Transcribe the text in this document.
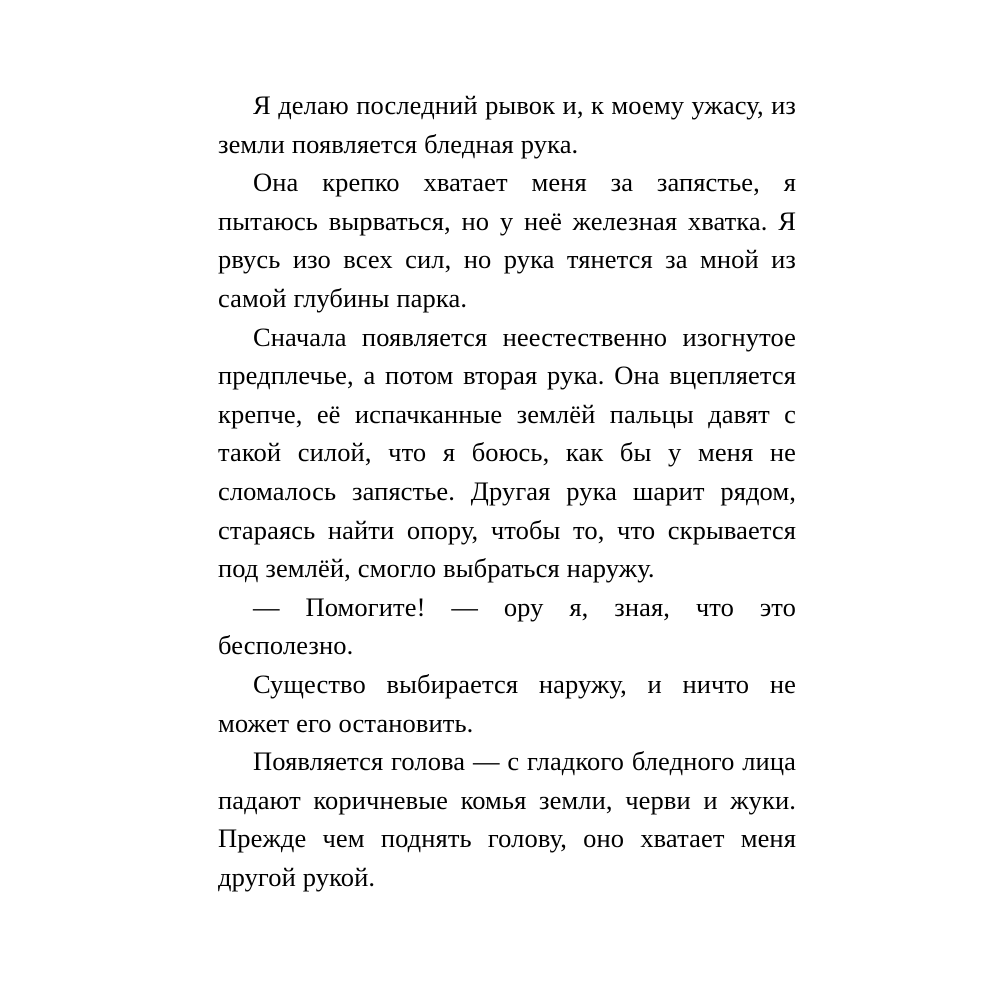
Я делаю последний рывок и, к моему ужасу, из земли появляется бледная рука.

Она крепко хватает меня за запястье, я пытаюсь вырваться, но у неё железная хватка. Я рвусь изо всех сил, но рука тянется за мной из самой глубины парка.

Сначала появляется неестественно изогнутое предплечье, а потом вторая рука. Она вцепляется крепче, её испачканные землёй пальцы давят с такой силой, что я боюсь, как бы у меня не сломалось запястье. Другая рука шарит рядом, стараясь найти опору, чтобы то, что скрывается под землёй, смогло выбраться наружу.

— Помогите! — ору я, зная, что это бесполезно.

Существо выбирается наружу, и ничто не может его остановить.

Появляется голова — с гладкого бледного лица падают коричневые комья земли, черви и жуки. Прежде чем поднять голову, оно хватает меня другой рукой.
